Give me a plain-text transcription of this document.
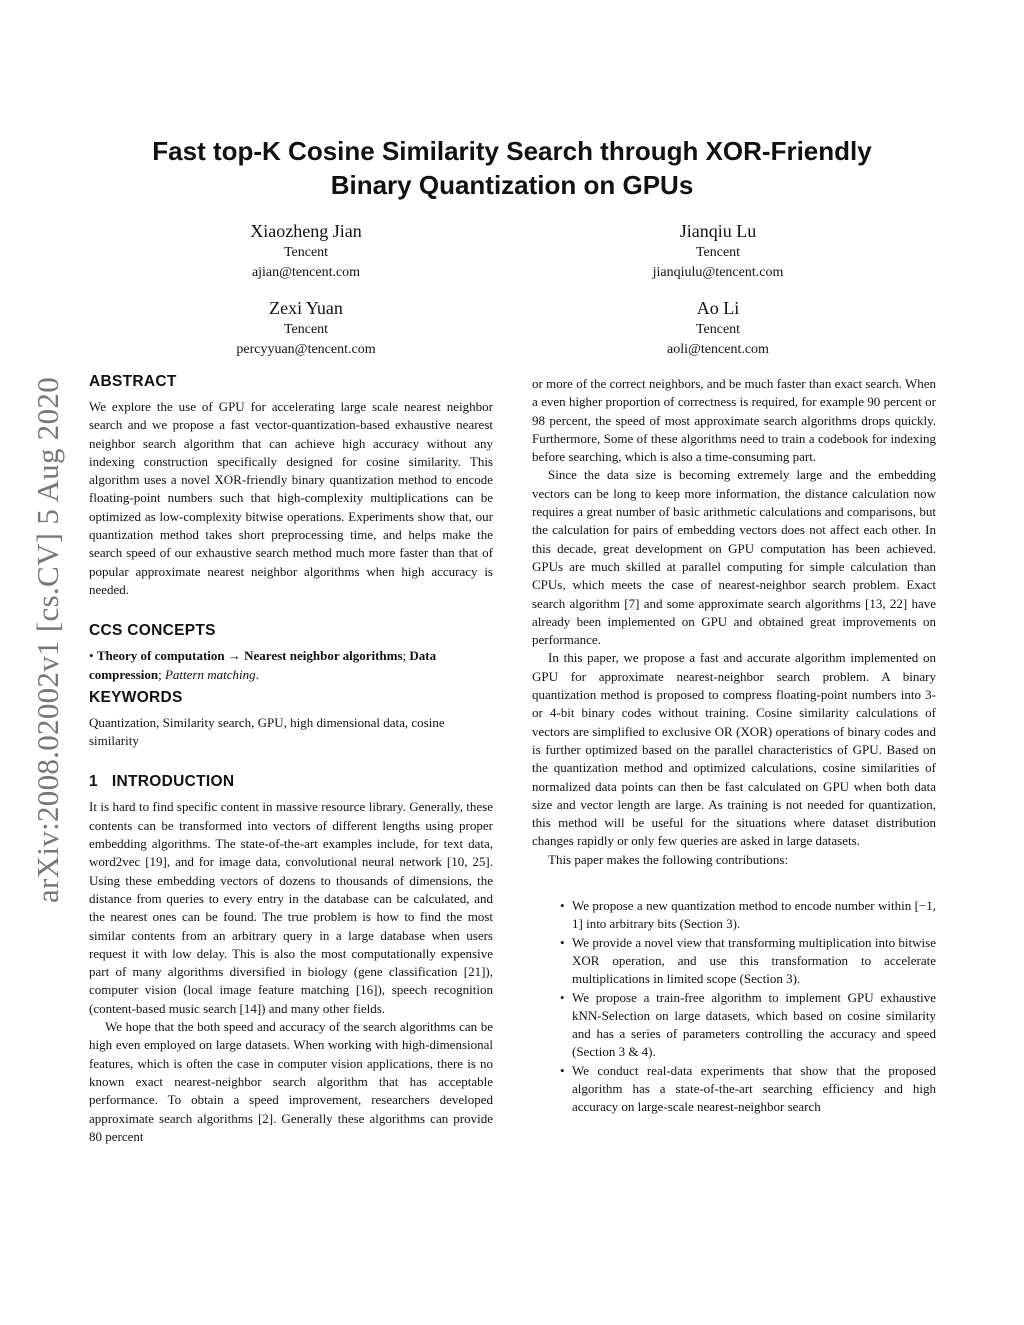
arXiv:2008.02002v1 [cs.CV] 5 Aug 2020
Fast top-K Cosine Similarity Search through XOR-Friendly
Binary Quantization on GPUs
Xiaozheng Jian
Tencent
ajian@tencent.com
Jianqiu Lu
Tencent
jianqiulu@tencent.com
Zexi Yuan
Tencent
percyyuan@tencent.com
Ao Li
Tencent
aoli@tencent.com
ABSTRACT

We explore the use of GPU for accelerating large scale nearest neighbor search and we propose a fast vector-quantization-based exhaustive nearest neighbor search algorithm that can achieve high accuracy without any indexing construction specifically designed for cosine similarity. This algorithm uses a novel XOR-friendly binary quantization method to encode floating-point numbers such that high-complexity multiplications can be optimized as low-complexity bitwise operations. Experiments show that, our quantization method takes short preprocessing time, and helps make the search speed of our exhaustive search method much more faster than that of popular approximate nearest neighbor algorithms when high accuracy is needed.

CCS CONCEPTS

• Theory of computation → Nearest neighbor algorithms; Data compression; Pattern matching.

KEYWORDS

Quantization, Similarity search, GPU, high dimensional data, cosine similarity

1 INTRODUCTION

It is hard to find specific content in massive resource library. Generally, these contents can be transformed into vectors of different lengths using proper embedding algorithms. The state-of-the-art examples include, for text data, word2vec [19], and for image data, convolutional neural network [10, 25]. Using these embedding vectors of dozens to thousands of dimensions, the distance from queries to every entry in the database can be calculated, and the nearest ones can be found. The true problem is how to find the most similar contents from an arbitrary query in a large database when users request it with low delay. This is also the most computationally expensive part of many algorithms diversified in biology (gene classification [21]), computer vision (local image feature matching [16]), speech recognition (content-based music search [14]) and many other fields.

We hope that the both speed and accuracy of the search algorithms can be high even employed on large datasets. When working with high-dimensional features, which is often the case in computer vision applications, there is no known exact nearest-neighbor search algorithm that has acceptable performance. To obtain a speed improvement, researchers developed approximate search algorithms [2]. Generally these algorithms can provide 80 percent

or more of the correct neighbors, and be much faster than exact search. When a even higher proportion of correctness is required, for example 90 percent or 98 percent, the speed of most approximate search algorithms drops quickly. Furthermore, Some of these algorithms need to train a codebook for indexing before searching, which is also a time-consuming part.

Since the data size is becoming extremely large and the embedding vectors can be long to keep more information, the distance calculation now requires a great number of basic arithmetic calculations and comparisons, but the calculation for pairs of embedding vectors does not affect each other. In this decade, great development on GPU computation has been achieved. GPUs are much skilled at parallel computing for simple calculation than CPUs, which meets the case of nearest-neighbor search problem. Exact search algorithm [7] and some approximate search algorithms [13, 22] have already been implemented on GPU and obtained great improvements on performance.

In this paper, we propose a fast and accurate algorithm implemented on GPU for approximate nearest-neighbor search problem. A binary quantization method is proposed to compress floating-point numbers into 3- or 4-bit binary codes without training. Cosine similarity calculations of vectors are simplified to exclusive OR (XOR) operations of binary codes and is further optimized based on the parallel characteristics of GPU. Based on the quantization method and optimized calculations, cosine similarities of normalized data points can then be fast calculated on GPU when both data size and vector length are large. As training is not needed for quantization, this method will be useful for the situations where dataset distribution changes rapidly or only few queries are asked in large datasets.

This paper makes the following contributions:

• We propose a new quantization method to encode number within [−1, 1] into arbitrary bits (Section 3).
• We provide a novel view that transforming multiplication into bitwise XOR operation, and use this transformation to accelerate multiplications in limited scope (Section 3).
• We propose a train-free algorithm to implement GPU exhaustive kNN-Selection on large datasets, which based on cosine similarity and has a series of parameters controlling the accuracy and speed (Section 3 & 4).
• We conduct real-data experiments that show that the proposed algorithm has a state-of-the-art searching efficiency and high accuracy on large-scale nearest-neighbor search
